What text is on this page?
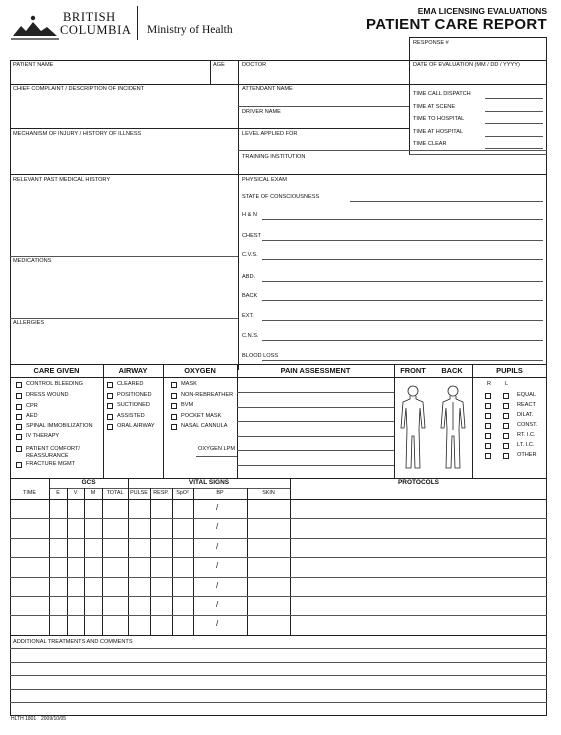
BRITISH
COLUMBIA Ministry of Health
EMA LICENSING EVALUATIONS
PATIENT CARE REPORT
RESPONSE #
PATIENT NAME	AGE	DOCTOR	DATE OF EVALUATION (MM / DD / YYYY)
CHIEF COMPLAINT / DESCRIPTION OF INCIDENT	ATTENDANT NAME
DRIVER NAME
MECHANISM OF INJURY / HISTORY OF ILLNESS	LEVEL APPLIED FOR
TRAINING INSTITUTION
RELEVANT PAST MEDICAL HISTORY
MEDICATIONS
ALLERGIES
PHYSICAL EXAM
CARE GIVEN	AIRWAY	OXYGEN	PAIN ASSESSMENT	FRONT	BACK	PUPILS
OXYGEN LPM
R L
GCS	VITAL SIGNS	PROTOCOLS
ADDITIONAL TREATMENTS AND COMMENTS
HLTH 1801 2009/10/05
TIME CALL DISPATCH
TIME AT SCENE
TIME TO HOSPITAL
TIME AT HOSPITAL
TIME CLEAR
STATE OF CONSCIOUSNESS
H & N
CHEST
C.V.S.
ABD.
BACK
EXT.
C.N.S.
BLOOD LOSS
CONTROL BLEEDING
DRESS WOUND
CPR
AED
SPINAL IMMOBILIZATION
IV THERAPY
PATIENT COMFORT/ REASSURANCE
FRACTURE MGMT
CLEARED
POSITIONED
SUCTIONED
ASSISTED
ORAL AIRWAY
MASK
NON-REBREATHER
BVM
POCKET MASK
NASAL CANNULA
EQUAL
REACT
DILAT.
CONST.
RT. I.C.
LT. I.C.
OTHER
TIME	E	V	M	TOTAL	PULSE	RESP.	SpO²	BP	SKIN
/
/
/
/
/
/
/
